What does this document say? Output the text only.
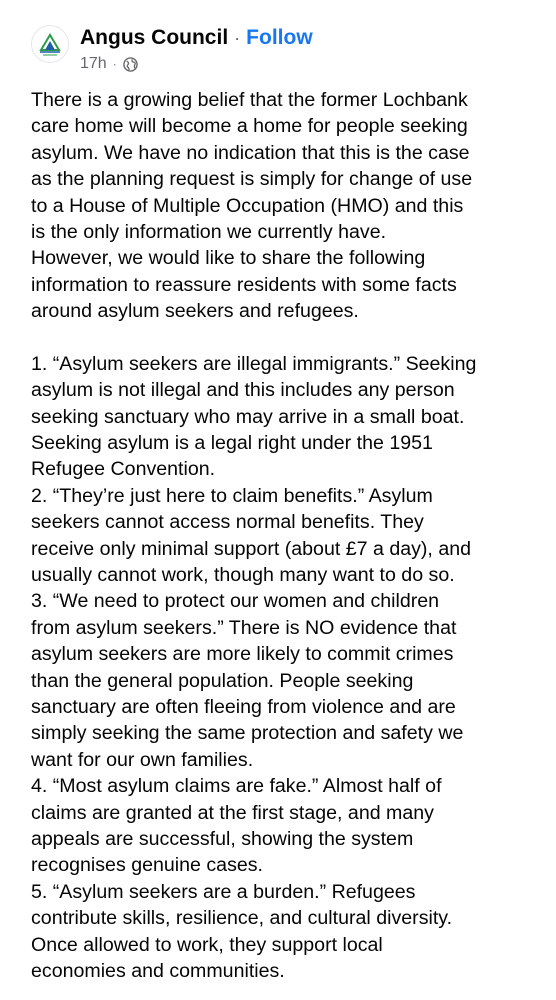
Angus Council · Follow
17h ·
There is a growing belief that the former Lochbank
care home will become a home for people seeking
asylum. We have no indication that this is the case
as the planning request is simply for change of use
to a House of Multiple Occupation (HMO) and this
is the only information we currently have.
However, we would like to share the following
information to reassure residents with some facts
around asylum seekers and refugees.
1. “Asylum seekers are illegal immigrants.” Seeking
asylum is not illegal and this includes any person
seeking sanctuary who may arrive in a small boat.
Seeking asylum is a legal right under the 1951
Refugee Convention.
2. “They’re just here to claim benefits.” Asylum
seekers cannot access normal benefits. They
receive only minimal support (about £7 a day), and
usually cannot work, though many want to do so.
3. “We need to protect our women and children
from asylum seekers.” There is NO evidence that
asylum seekers are more likely to commit crimes
than the general population. People seeking
sanctuary are often fleeing from violence and are
simply seeking the same protection and safety we
want for our own families.
4. “Most asylum claims are fake.” Almost half of
claims are granted at the first stage, and many
appeals are successful, showing the system
recognises genuine cases.
5. “Asylum seekers are a burden.” Refugees
contribute skills, resilience, and cultural diversity.
Once allowed to work, they support local
economies and communities.
